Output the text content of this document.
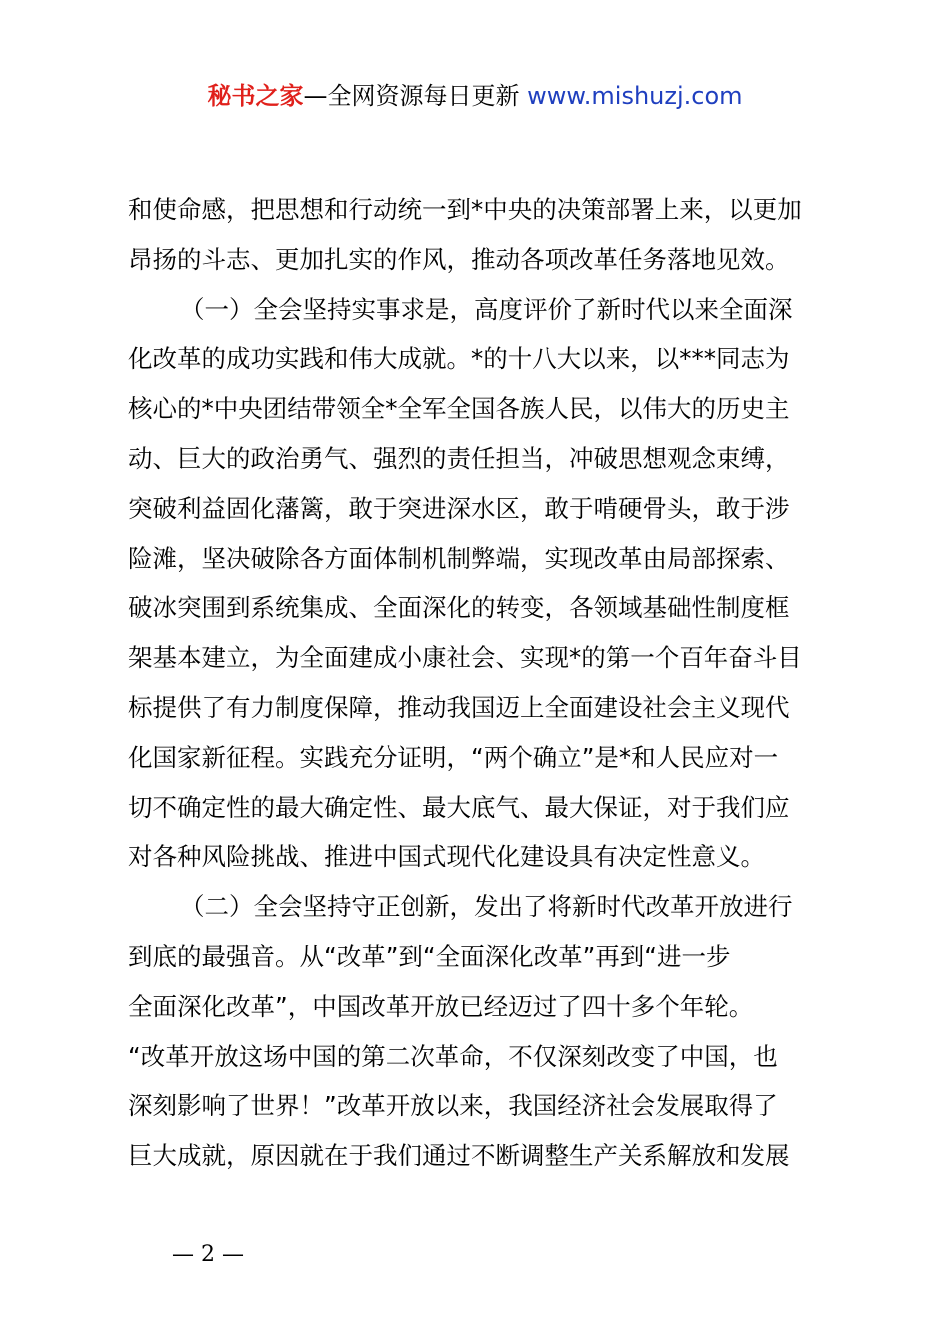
秘书之家—全网资源每日更新 www.mishuzj.com
和使命感，把思想和行动统一到*中央的决策部署上来，以更加
昂扬的斗志、更加扎实的作风，推动各项改革任务落地见效。
（一）全会坚持实事求是，高度评价了新时代以来全面深
化改革的成功实践和伟大成就。*的十八大以来，以***同志为
核心的*中央团结带领全*全军全国各族人民，以伟大的历史主
动、巨大的政治勇气、强烈的责任担当，冲破思想观念束缚，
突破利益固化藩篱，敢于突进深水区，敢于啃硬骨头，敢于涉
险滩，坚决破除各方面体制机制弊端，实现改革由局部探索、
破冰突围到系统集成、全面深化的转变，各领域基础性制度框
架基本建立，为全面建成小康社会、实现*的第一个百年奋斗目
标提供了有力制度保障，推动我国迈上全面建设社会主义现代
化国家新征程。实践充分证明，“两个确立”是*和人民应对一
切不确定性的最大确定性、最大底气、最大保证，对于我们应
对各种风险挑战、推进中国式现代化建设具有决定性意义。
（二）全会坚持守正创新，发出了将新时代改革开放进行
到底的最强音。从“改革”到“全面深化改革”再到“进一步
全面深化改革”，中国改革开放已经迈过了四十多个年轮。
“改革开放这场中国的第二次革命，不仅深刻改变了中国，也
深刻影响了世界！”改革开放以来，我国经济社会发展取得了
巨大成就，原因就在于我们通过不断调整生产关系解放和发展
— 2 —
